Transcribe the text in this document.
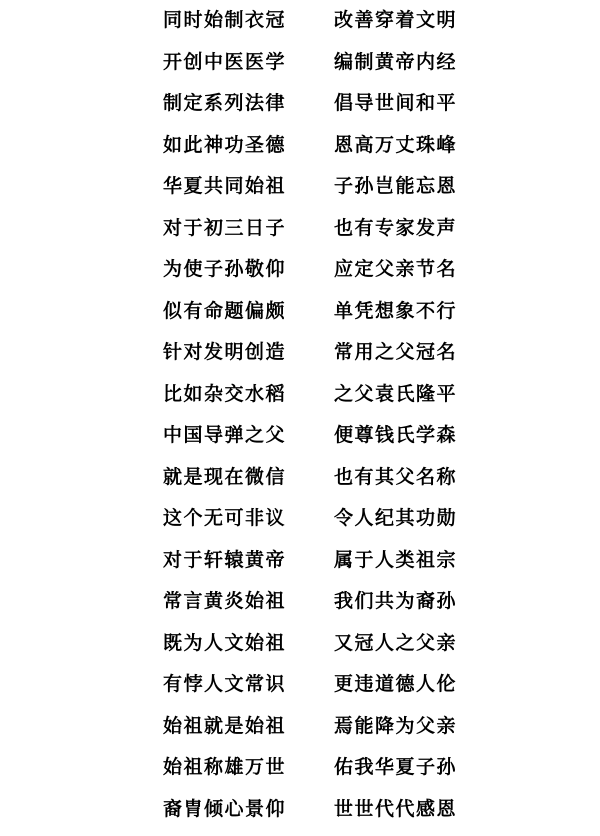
同时始制衣冠	改善穿着文明
开创中医医学	编制黄帝内经
制定系列法律	倡导世间和平
如此神功圣德	恩高万丈珠峰
华夏共同始祖	子孙岂能忘恩
对于初三日子	也有专家发声
为使子孙敬仰	应定父亲节名
似有命题偏颇	单凭想象不行
针对发明创造	常用之父冠名
比如杂交水稻	之父袁氏隆平
中国导弹之父	便尊钱氏学森
就是现在微信	也有其父名称
这个无可非议	令人纪其功勋
对于轩辕黄帝	属于人类祖宗
常言黄炎始祖	我们共为裔孙
既为人文始祖	又冠人之父亲
有悖人文常识	更违道德人伦
始祖就是始祖	焉能降为父亲
始祖称雄万世	佑我华夏子孙
裔胄倾心景仰	世世代代感恩
